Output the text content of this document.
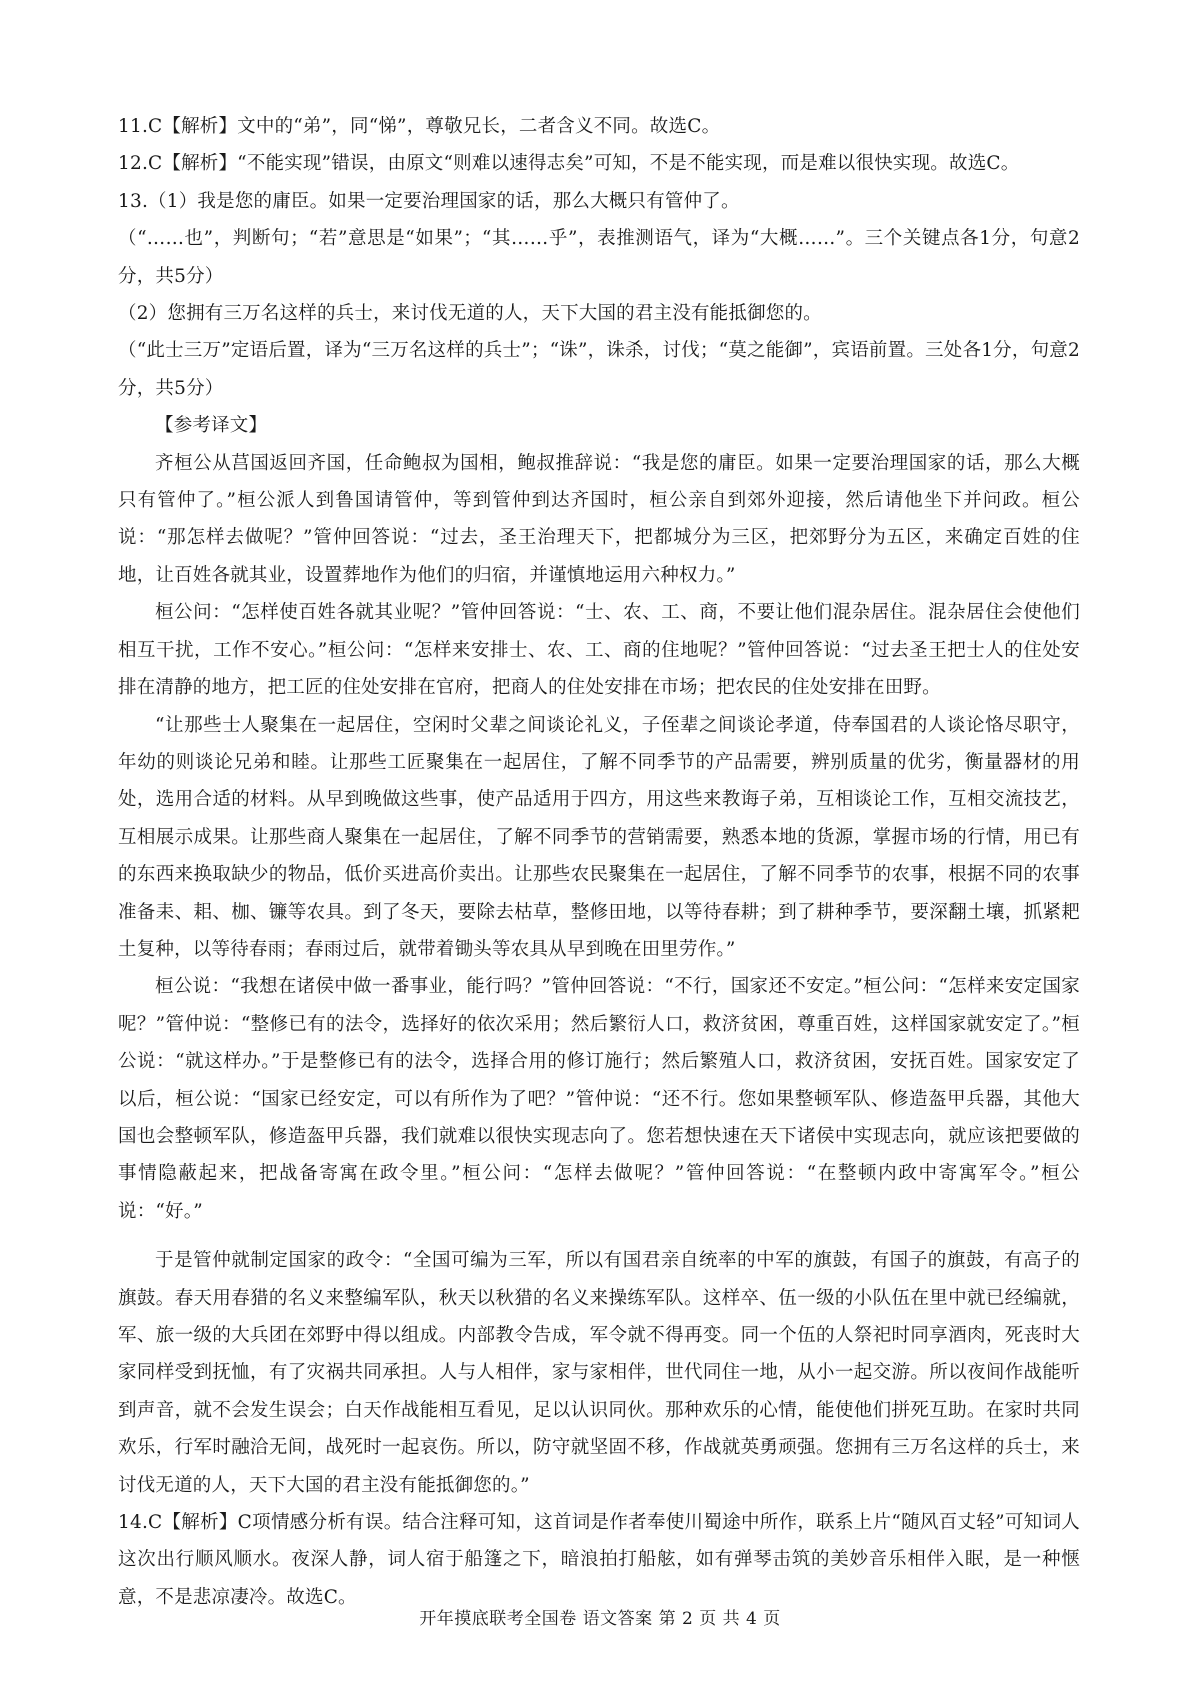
11.C【解析】文中的“弟”，同“悌”，尊敬兄长，二者含义不同。故选C。

12.C【解析】“不能实现”错误，由原文“则难以速得志矣”可知，不是不能实现，而是难以很快实现。故选C。

13.（1）我是您的庸臣。如果一定要治理国家的话，那么大概只有管仲了。

（“……也”，判断句；“若”意思是“如果”；“其……乎”，表推测语气，译为“大概……”。三个关键点各1分，句意2分，共5分）

（2）您拥有三万名这样的兵士，来讨伐无道的人，天下大国的君主没有能抵御您的。

（“此士三万”定语后置，译为“三万名这样的兵士”；“诛”，诛杀，讨伐；“莫之能御”，宾语前置。三处各1分，句意2分，共5分）

【参考译文】

齐桓公从莒国返回齐国，任命鲍叔为国相，鲍叔推辞说：“我是您的庸臣。如果一定要治理国家的话，那么大概只有管仲了。”桓公派人到鲁国请管仲，等到管仲到达齐国时，桓公亲自到郊外迎接，然后请他坐下并问政。桓公说：“那怎样去做呢？”管仲回答说：“过去，圣王治理天下，把都城分为三区，把郊野分为五区，来确定百姓的住地，让百姓各就其业，设置葬地作为他们的归宿，并谨慎地运用六种权力。”

桓公问：“怎样使百姓各就其业呢？”管仲回答说：“士、农、工、商，不要让他们混杂居住。混杂居住会使他们相互干扰，工作不安心。”桓公问：“怎样来安排士、农、工、商的住地呢？”管仲回答说：“过去圣王把士人的住处安排在清静的地方，把工匠的住处安排在官府，把商人的住处安排在市场；把农民的住处安排在田野。

“让那些士人聚集在一起居住，空闲时父辈之间谈论礼义，子侄辈之间谈论孝道，侍奉国君的人谈论恪尽职守，年幼的则谈论兄弟和睦。让那些工匠聚集在一起居住，了解不同季节的产品需要，辨别质量的优劣，衡量器材的用处，选用合适的材料。从早到晚做这些事，使产品适用于四方，用这些来教诲子弟，互相谈论工作，互相交流技艺，互相展示成果。让那些商人聚集在一起居住，了解不同季节的营销需要，熟悉本地的货源，掌握市场的行情，用已有的东西来换取缺少的物品，低价买进高价卖出。让那些农民聚集在一起居住，了解不同季节的农事，根据不同的农事准备耒、耜、枷、镰等农具。到了冬天，要除去枯草，整修田地，以等待春耕；到了耕种季节，要深翻土壤，抓紧耙土复种，以等待春雨；春雨过后，就带着锄头等农具从早到晚在田里劳作。”

桓公说：“我想在诸侯中做一番事业，能行吗？”管仲回答说：“不行，国家还不安定。”桓公问：“怎样来安定国家呢？”管仲说：“整修已有的法令，选择好的依次采用；然后繁衍人口，救济贫困，尊重百姓，这样国家就安定了。”桓公说：“就这样办。”于是整修已有的法令，选择合用的修订施行；然后繁殖人口，救济贫困，安抚百姓。国家安定了以后，桓公说：“国家已经安定，可以有所作为了吧？”管仲说：“还不行。您如果整顿军队、修造盔甲兵器，其他大国也会整顿军队，修造盔甲兵器，我们就难以很快实现志向了。您若想快速在天下诸侯中实现志向，就应该把要做的事情隐蔽起来，把战备寄寓在政令里。”桓公问：“怎样去做呢？”管仲回答说：“在整顿内政中寄寓军令。”桓公说：“好。”

于是管仲就制定国家的政令：“全国可编为三军，所以有国君亲自统率的中军的旗鼓，有国子的旗鼓，有高子的旗鼓。春天用春猎的名义来整编军队，秋天以秋猎的名义来操练军队。这样卒、伍一级的小队伍在里中就已经编就，军、旅一级的大兵团在郊野中得以组成。内部教令告成，军令就不得再变。同一个伍的人祭祀时同享酒肉，死丧时大家同样受到抚恤，有了灾祸共同承担。人与人相伴，家与家相伴，世代同住一地，从小一起交游。所以夜间作战能听到声音，就不会发生误会；白天作战能相互看见，足以认识同伙。那种欢乐的心情，能使他们拼死互助。在家时共同欢乐，行军时融洽无间，战死时一起哀伤。所以，防守就坚固不移，作战就英勇顽强。您拥有三万名这样的兵士，来讨伐无道的人，天下大国的君主没有能抵御您的。”

14.C【解析】C项情感分析有误。结合注释可知，这首词是作者奉使川蜀途中所作，联系上片“随风百丈轻”可知词人这次出行顺风顺水。夜深人静，词人宿于船篷之下，暗浪拍打船舷，如有弹琴击筑的美妙音乐相伴入眠，是一种惬意，不是悲凉凄冷。故选C。

开年摸底联考全国卷 语文答案 第 2 页 共 4 页
